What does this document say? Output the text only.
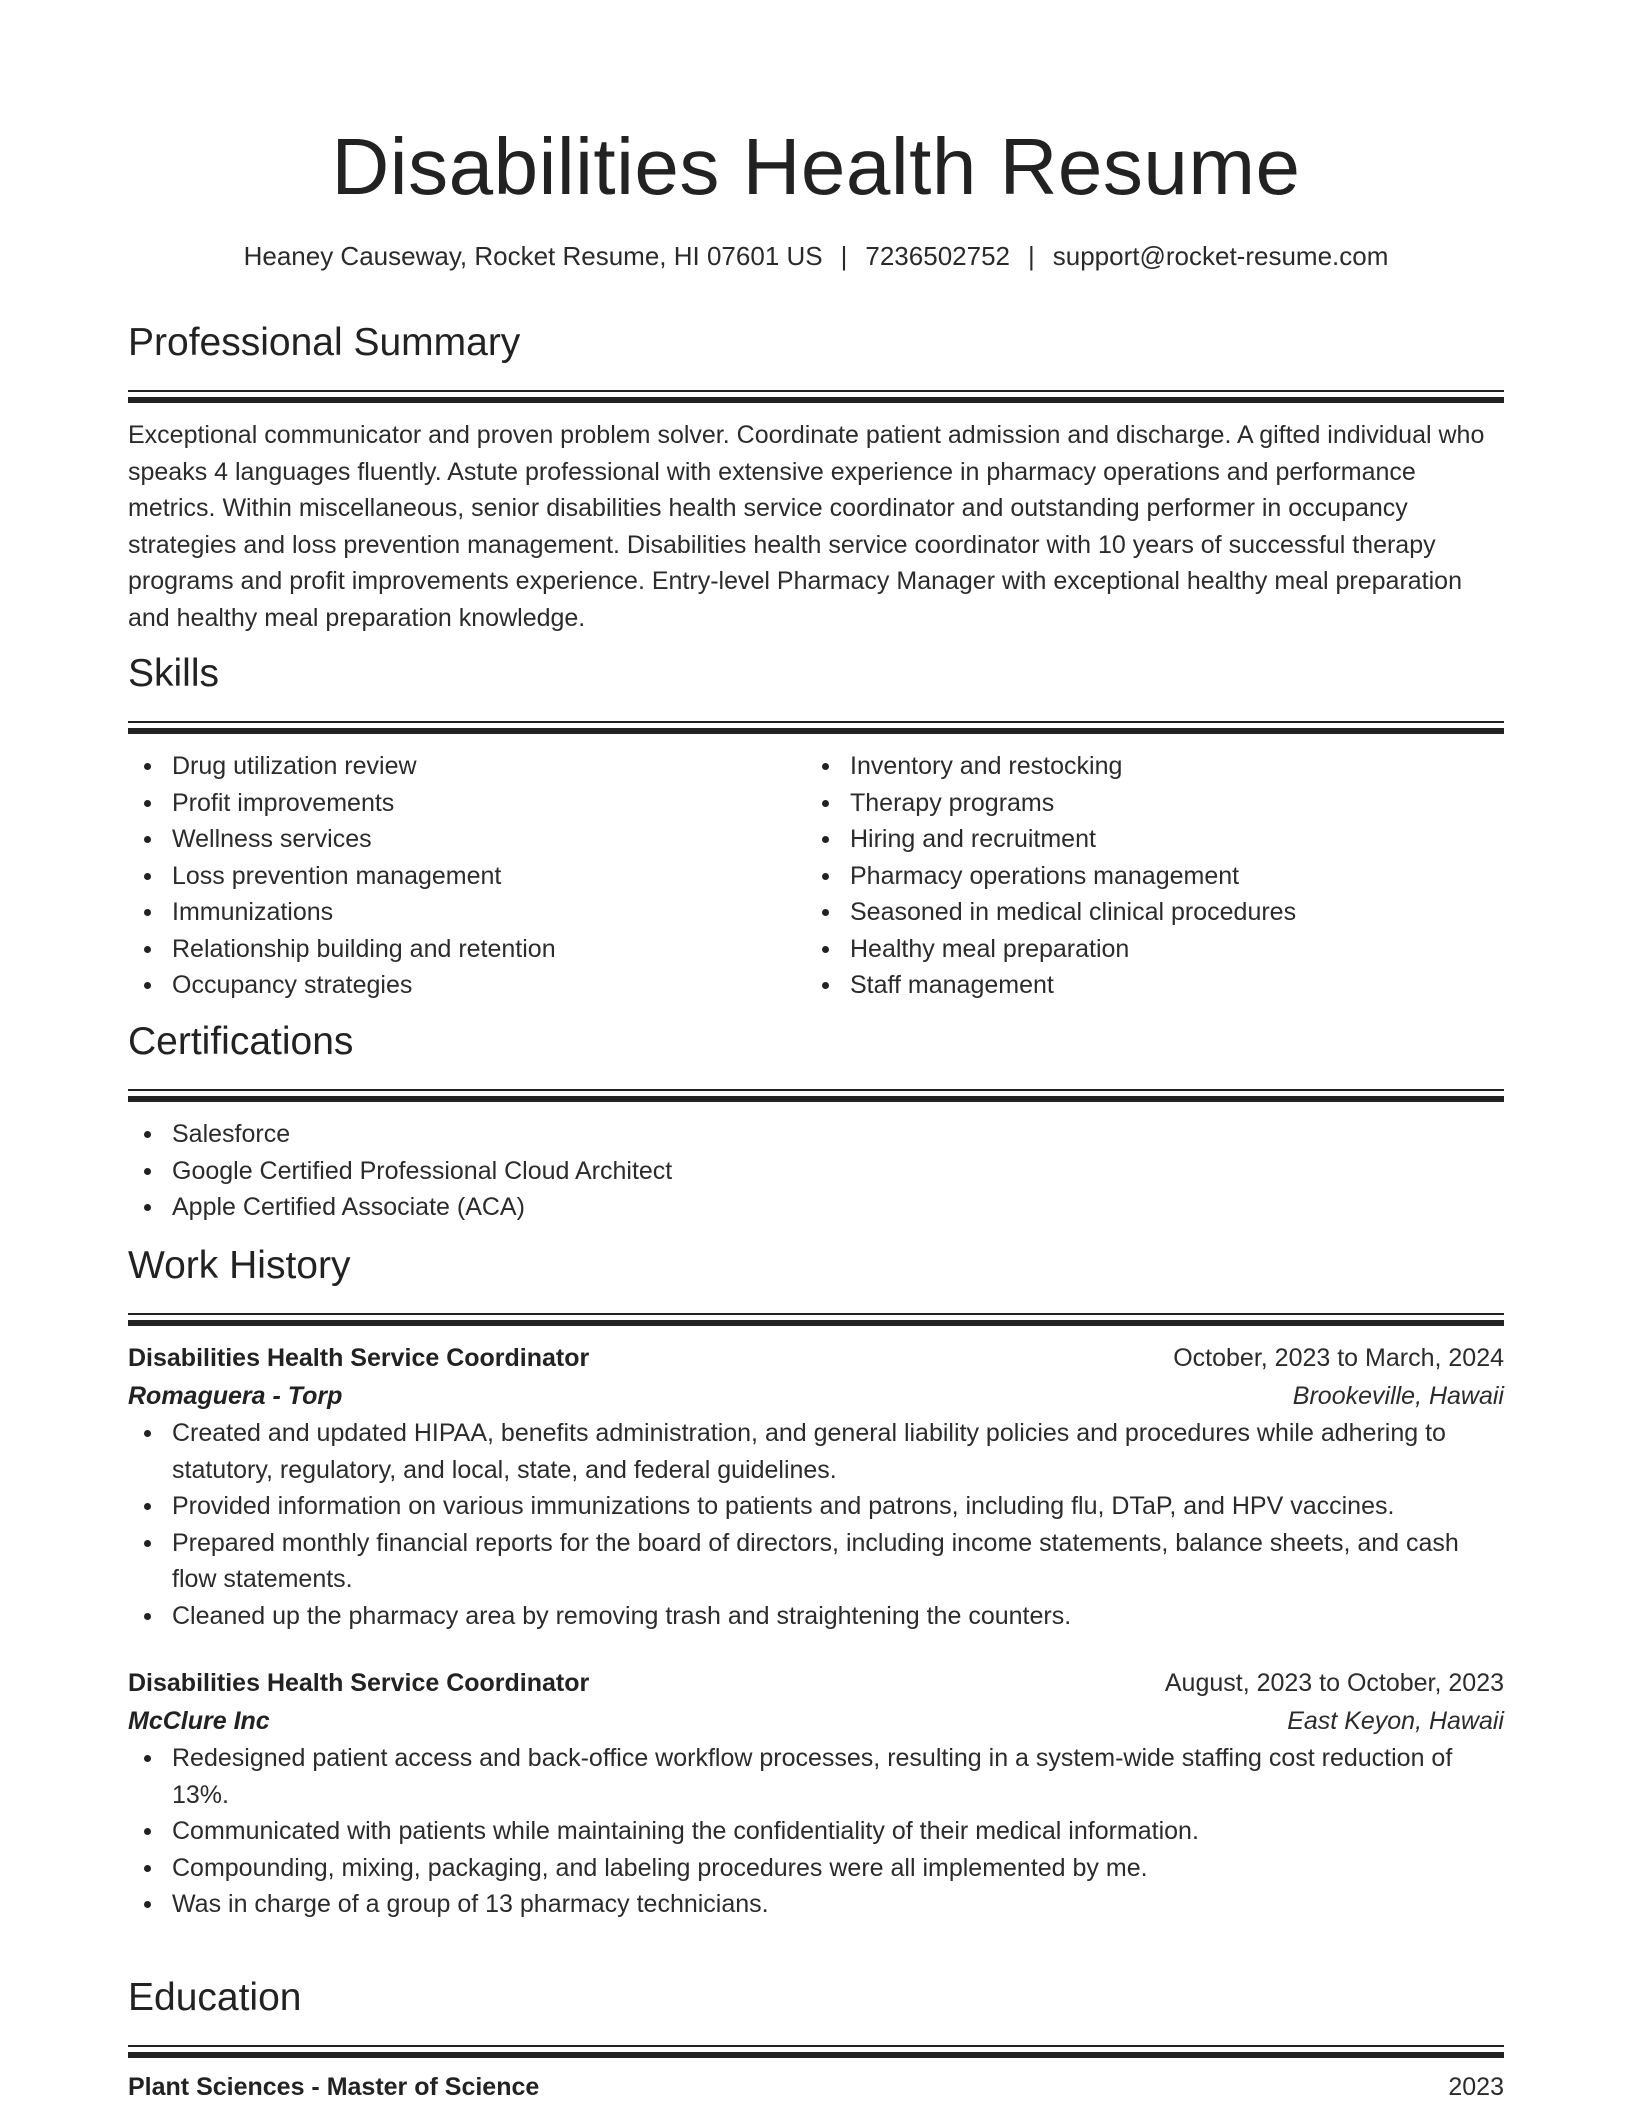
Disabilities Health Resume
Heaney Causeway, Rocket Resume, HI 07601 US | 7236502752 | support@rocket-resume.com
Professional Summary
Exceptional communicator and proven problem solver. Coordinate patient admission and discharge. A gifted individual who speaks 4 languages fluently. Astute professional with extensive experience in pharmacy operations and performance metrics. Within miscellaneous, senior disabilities health service coordinator and outstanding performer in occupancy strategies and loss prevention management. Disabilities health service coordinator with 10 years of successful therapy programs and profit improvements experience. Entry-level Pharmacy Manager with exceptional healthy meal preparation and healthy meal preparation knowledge.
Skills
Drug utilization review
Profit improvements
Wellness services
Loss prevention management
Immunizations
Relationship building and retention
Occupancy strategies
Inventory and restocking
Therapy programs
Hiring and recruitment
Pharmacy operations management
Seasoned in medical clinical procedures
Healthy meal preparation
Staff management
Certifications
Salesforce
Google Certified Professional Cloud Architect
Apple Certified Associate (ACA)
Work History
Disabilities Health Service Coordinator	October, 2023 to March, 2024
Romaguera - Torp	Brookeville, Hawaii
Created and updated HIPAA, benefits administration, and general liability policies and procedures while adhering to statutory, regulatory, and local, state, and federal guidelines.
Provided information on various immunizations to patients and patrons, including flu, DTaP, and HPV vaccines.
Prepared monthly financial reports for the board of directors, including income statements, balance sheets, and cash flow statements.
Cleaned up the pharmacy area by removing trash and straightening the counters.
Disabilities Health Service Coordinator	August, 2023 to October, 2023
McClure Inc	East Keyon, Hawaii
Redesigned patient access and back-office workflow processes, resulting in a system-wide staffing cost reduction of 13%.
Communicated with patients while maintaining the confidentiality of their medical information.
Compounding, mixing, packaging, and labeling procedures were all implemented by me.
Was in charge of a group of 13 pharmacy technicians.
Education
Plant Sciences - Master of Science	2023
